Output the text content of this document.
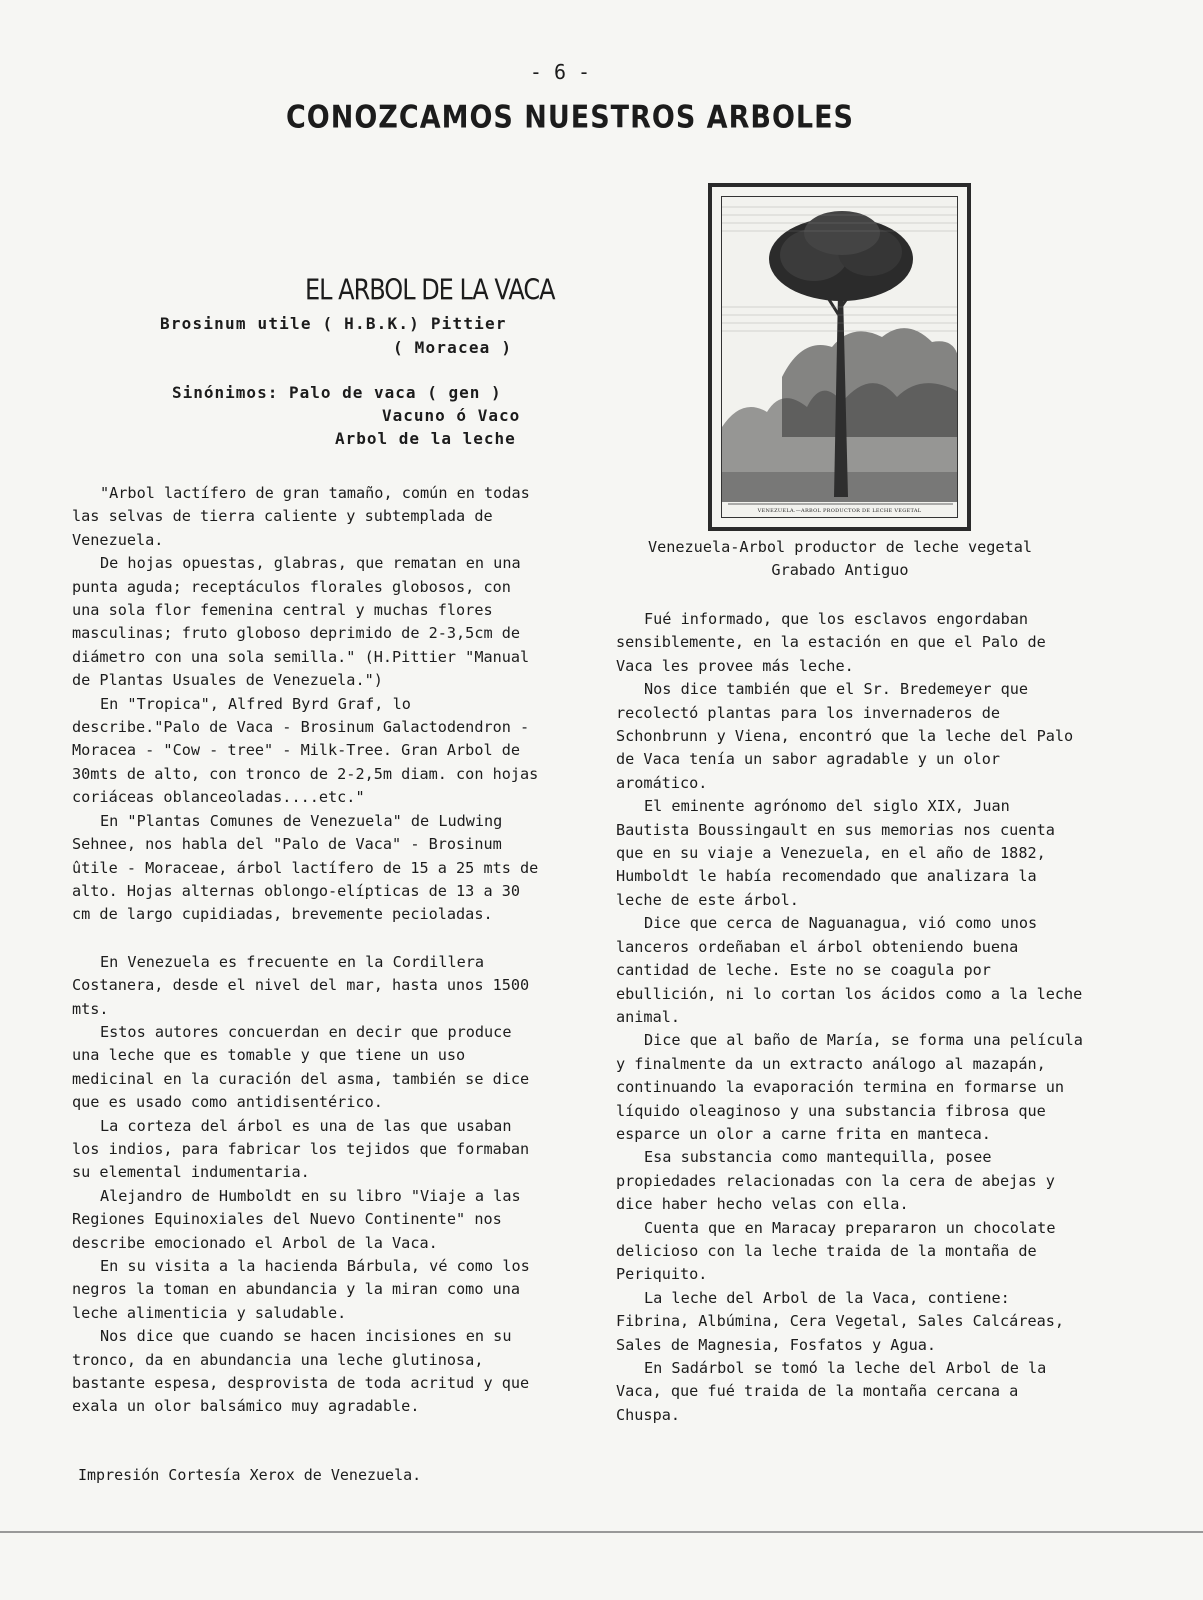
- 6 -
CONOZCAMOS NUESTROS ARBOLES
EL ARBOL DE LA VACA
Brosinum utile ( H.B.K.) Pittier
( Moracea )
Sinónimos: Palo de vaca ( gen )
Vacuno ó Vaco
Arbol de la leche

"Arbol lactífero de gran tamaño, común en todas las selvas de tierra caliente y subtemplada de Venezuela.

De hojas opuestas, glabras, que rematan en una punta aguda; receptáculos florales globosos, con una sola flor femenina central y muchas flores masculinas; fruto globoso deprimido de 2-3,5cm de diámetro con una sola semilla." (H.Pittier "Manual de Plantas Usuales de Venezuela.")

En "Tropica", Alfred Byrd Graf, lo describe."Palo de Vaca - Brosinum Galactodendron - Moracea - "Cow - tree" - Milk-Tree. Gran Arbol de 30mts de alto, con tronco de 2-2,5m diam. con hojas coriáceas oblanceoladas....etc."

En "Plantas Comunes de Venezuela" de Ludwing Sehnee, nos habla del "Palo de Vaca" - Brosinum ûtile - Moraceae, árbol lactífero de 15 a 25 mts de alto. Hojas alternas oblongo-elípticas de 13 a 30 cm de largo cupidiadas, brevemente pecioladas.

En Venezuela es frecuente en la Cordillera Costanera, desde el nivel del mar, hasta unos 1500 mts.

Estos autores concuerdan en decir que produce una leche que es tomable y que tiene un uso medicinal en la curación del asma, también se dice que es usado como antidisentérico.

La corteza del árbol es una de las que usaban los indios, para fabricar los tejidos que formaban su elemental indumentaria.

Alejandro de Humboldt en su libro "Viaje a las Regiones Equinoxiales del Nuevo Continente" nos describe emocionado el Arbol de la Vaca.

En su visita a la hacienda Bárbula, vé como los negros la toman en abundancia y la miran como una leche alimenticia y saludable.

Nos dice que cuando se hacen incisiones en su tronco, da en abundancia una leche glutinosa, bastante espesa, desprovista de toda acritud y que exala un olor balsámico muy agradable.

VENEZUELA.—ARBOL PRODUCTOR DE LECHE VEGETAL
Venezuela-Arbol productor de leche vegetal
Grabado Antiguo

Fué informado, que los esclavos engordaban sensiblemente, en la estación en que el Palo de Vaca les provee más leche.

Nos dice también que el Sr. Bredemeyer que recolectó plantas para los invernaderos de Schonbrunn y Viena, encontró que la leche del Palo de Vaca tenía un sabor agradable y un olor aromático.

El eminente agrónomo del siglo XIX, Juan Bautista Boussingault en sus memorias nos cuenta que en su viaje a Venezuela, en el año de 1882, Humboldt le había recomendado que analizara la leche de este árbol.

Dice que cerca de Naguanagua, vió como unos lanceros ordeñaban el árbol obteniendo buena cantidad de leche. Este no se coagula por ebullición, ni lo cortan los ácidos como a la leche animal.

Dice que al baño de María, se forma una película y finalmente da un extracto análogo al mazapán, continuando la evaporación termina en formarse un líquido oleaginoso y una substancia fibrosa que esparce un olor a carne frita en manteca.

Esa substancia como mantequilla, posee propiedades relacionadas con la cera de abejas y dice haber hecho velas con ella.

Cuenta que en Maracay prepararon un chocolate delicioso con la leche traida de la montaña de Periquito.

La leche del Arbol de la Vaca, contiene: Fibrina, Albúmina, Cera Vegetal, Sales Calcáreas, Sales de Magnesia, Fosfatos y Agua.

En Sadárbol se tomó la leche del Arbol de la Vaca, que fué traida de la montaña cercana a Chuspa.

Impresión Cortesía Xerox de Venezuela.
